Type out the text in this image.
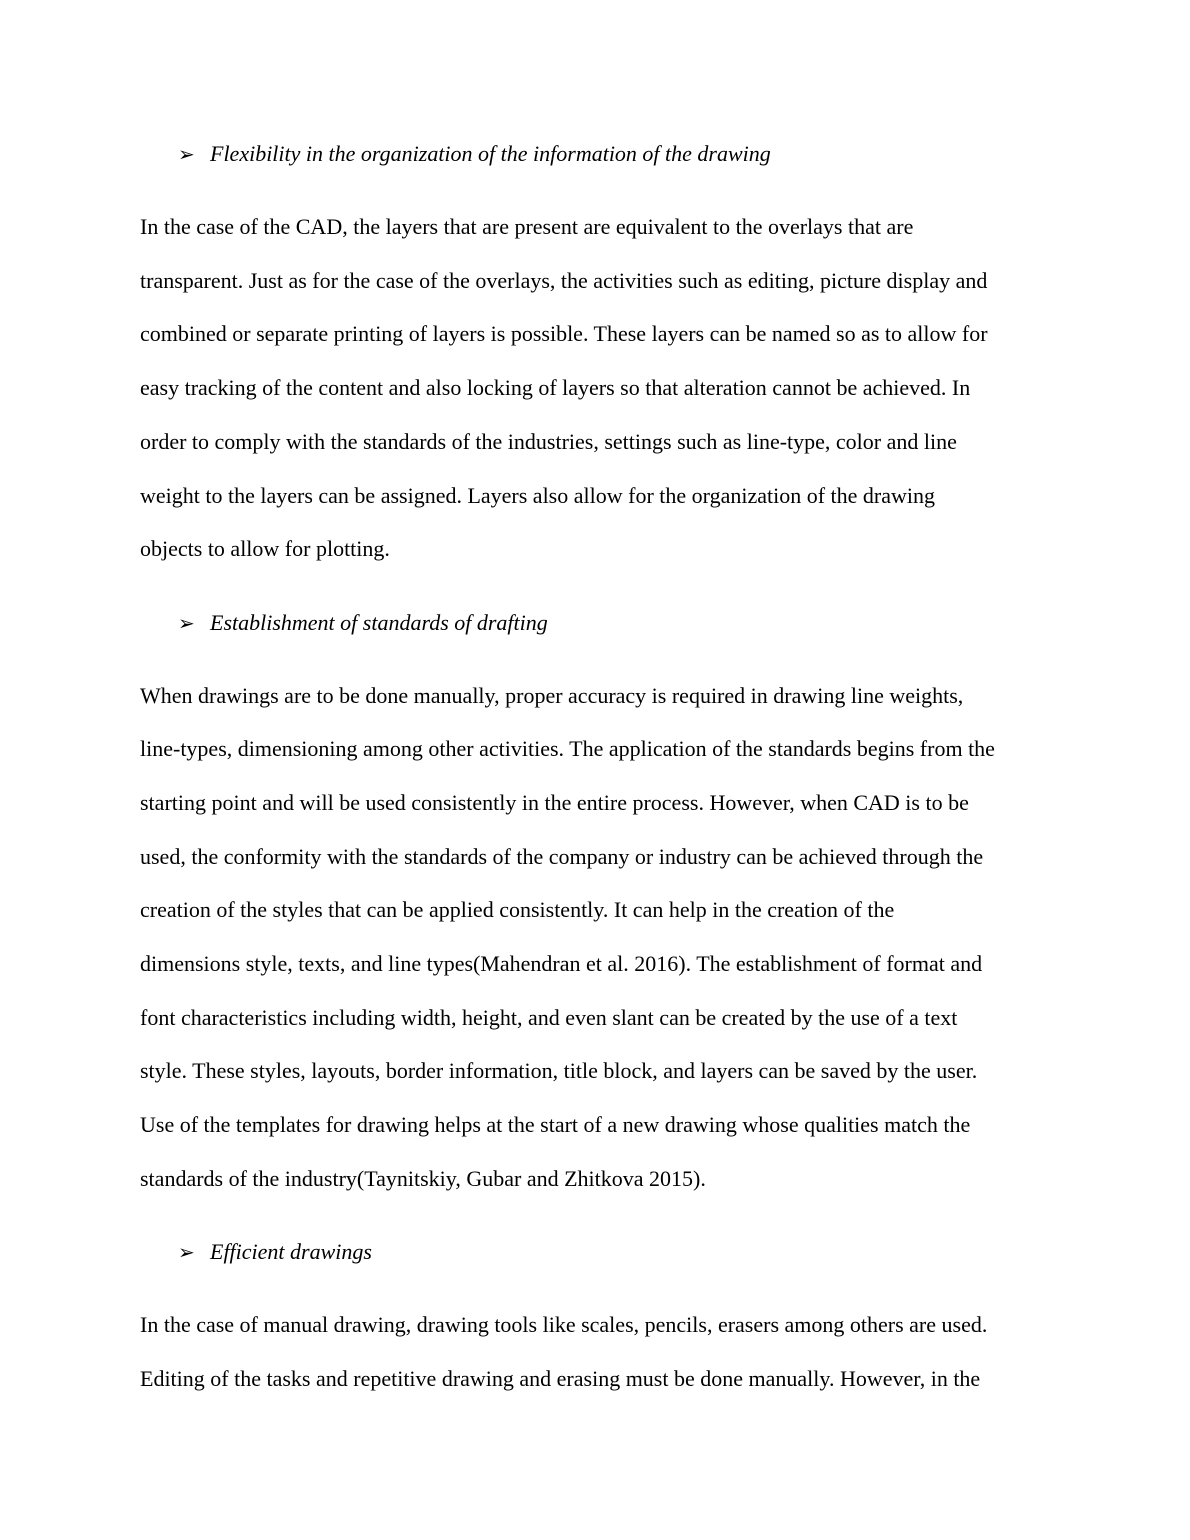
➢ Flexibility in the organization of the information of the drawing
In the case of the CAD, the layers that are present are equivalent to the overlays that are
transparent. Just as for the case of the overlays, the activities such as editing, picture display and
combined or separate printing of layers is possible. These layers can be named so as to allow for
easy tracking of the content and also locking of layers so that alteration cannot be achieved. In
order to comply with the standards of the industries, settings such as line-type, color and line
weight to the layers can be assigned. Layers also allow for the organization of the drawing
objects to allow for plotting.
➢ Establishment of standards of drafting
When drawings are to be done manually, proper accuracy is required in drawing line weights,
line-types, dimensioning among other activities. The application of the standards begins from the
starting point and will be used consistently in the entire process. However, when CAD is to be
used, the conformity with the standards of the company or industry can be achieved through the
creation of the styles that can be applied consistently. It can help in the creation of the
dimensions style, texts, and line types(Mahendran et al. 2016). The establishment of format and
font characteristics including width, height, and even slant can be created by the use of a text
style. These styles, layouts, border information, title block, and layers can be saved by the user.
Use of the templates for drawing helps at the start of a new drawing whose qualities match the
standards of the industry(Taynitskiy, Gubar and Zhitkova 2015).
➢ Efficient drawings
In the case of manual drawing, drawing tools like scales, pencils, erasers among others are used.
Editing of the tasks and repetitive drawing and erasing must be done manually. However, in the
